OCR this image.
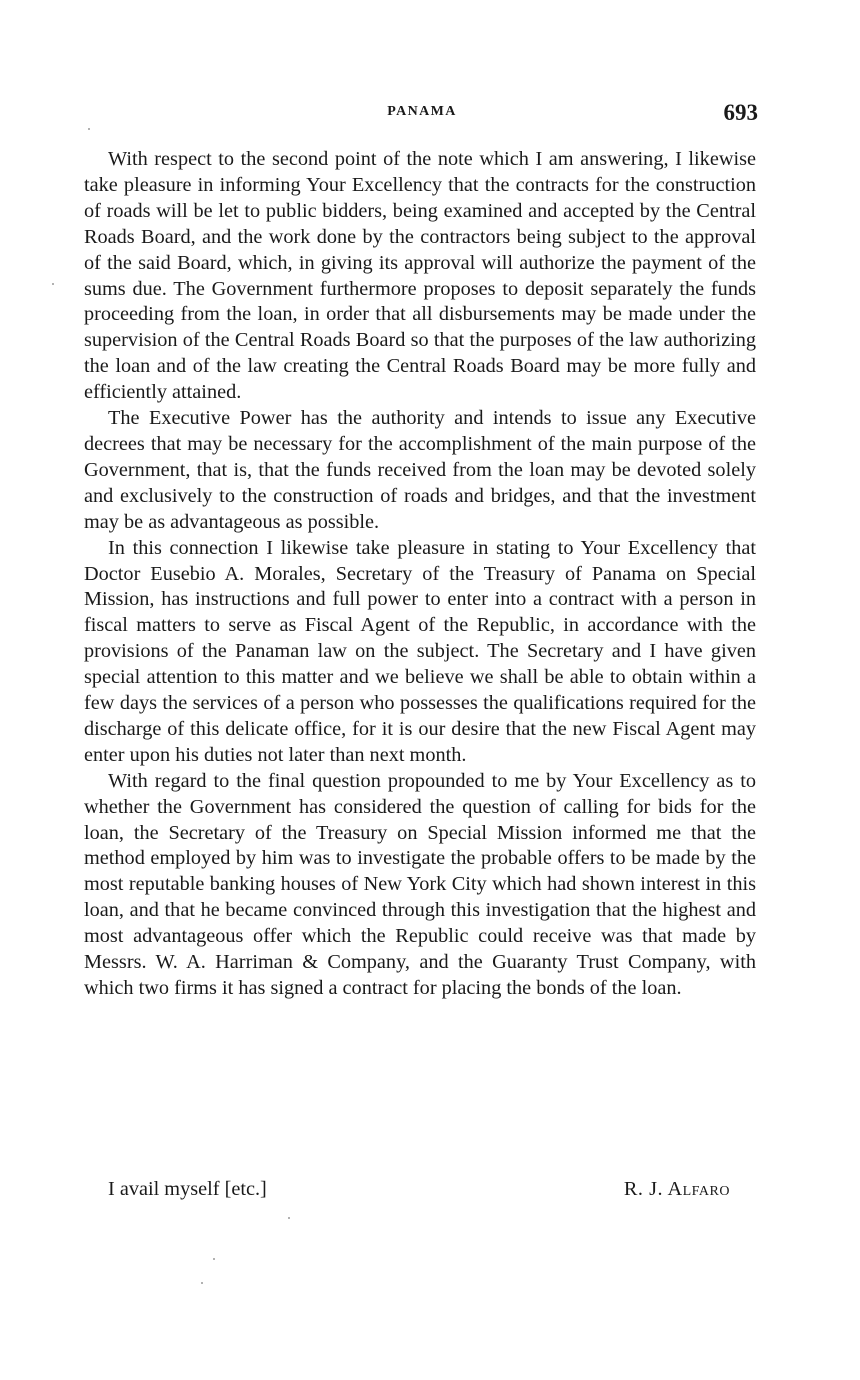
PANAMA	693

With respect to the second point of the note which I am answering, I likewise take pleasure in informing Your Excellency that the contracts for the construction of roads will be let to public bidders, being examined and accepted by the Central Roads Board, and the work done by the contractors being subject to the approval of the said Board, which, in giving its approval will authorize the payment of the sums due. The Government furthermore proposes to deposit separately the funds proceeding from the loan, in order that all disbursements may be made under the supervision of the Central Roads Board so that the purposes of the law authorizing the loan and of the law creating the Central Roads Board may be more fully and efficiently attained.

The Executive Power has the authority and intends to issue any Executive decrees that may be necessary for the accomplishment of the main purpose of the Government, that is, that the funds received from the loan may be devoted solely and exclusively to the construction of roads and bridges, and that the investment may be as advantageous as possible.

In this connection I likewise take pleasure in stating to Your Excellency that Doctor Eusebio A. Morales, Secretary of the Treasury of Panama on Special Mission, has instructions and full power to enter into a contract with a person in fiscal matters to serve as Fiscal Agent of the Republic, in accordance with the provisions of the Panaman law on the subject. The Secretary and I have given special attention to this matter and we believe we shall be able to obtain within a few days the services of a person who possesses the qualifications required for the discharge of this delicate office, for it is our desire that the new Fiscal Agent may enter upon his duties not later than next month.

With regard to the final question propounded to me by Your Excellency as to whether the Government has considered the question of calling for bids for the loan, the Secretary of the Treasury on Special Mission informed me that the method employed by him was to investigate the probable offers to be made by the most reputable banking houses of New York City which had shown interest in this loan, and that he became convinced through this investigation that the highest and most advantageous offer which the Republic could receive was that made by Messrs. W. A. Harriman & Company, and the Guaranty Trust Company, with which two firms it has signed a contract for placing the bonds of the loan.

I avail myself [etc.]	R. J. Alfaro
